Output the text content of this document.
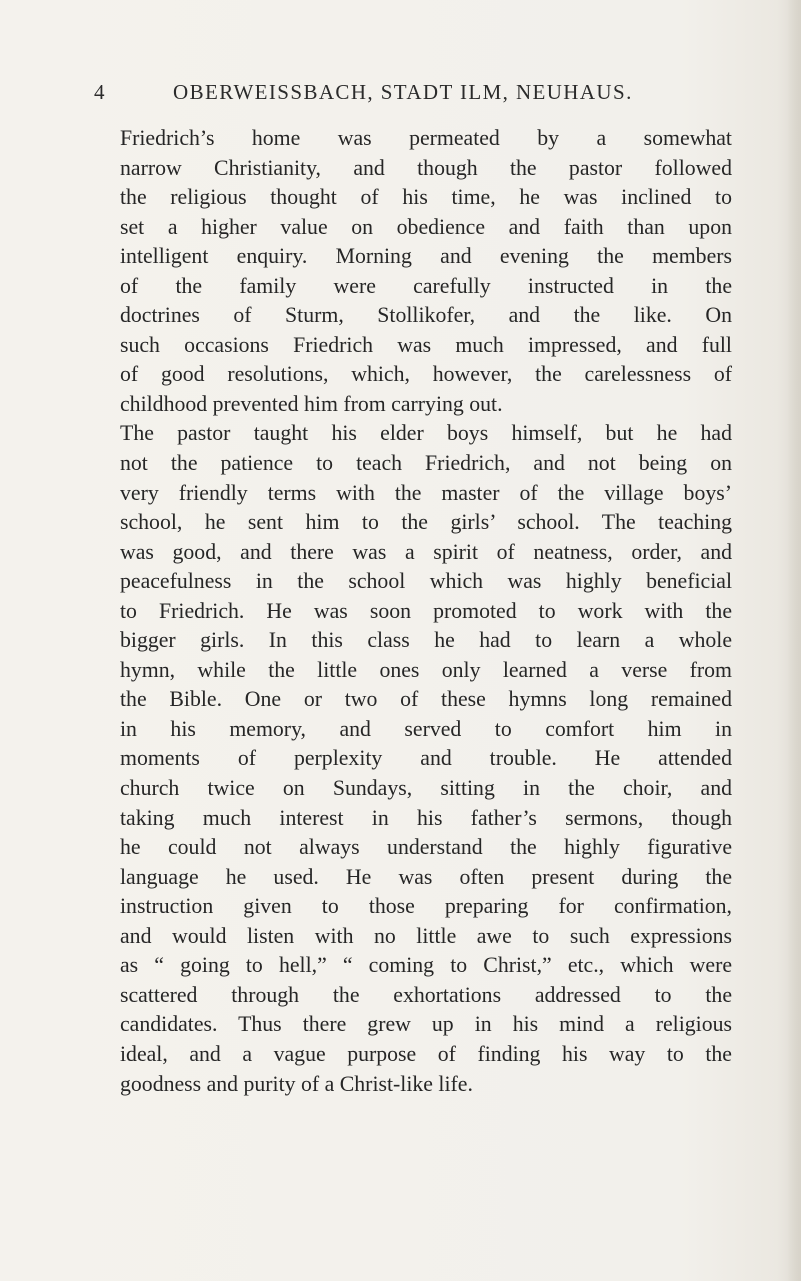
4	OBERWEISSBACH, STADT ILM, NEUHAUS.
Friedrich’s home was permeated by a somewhat
narrow Christianity, and though the pastor followed
the religious thought of his time, he was inclined to
set a higher value on obedience and faith than upon
intelligent enquiry. Morning and evening the members
of the family were carefully instructed in the
doctrines of Sturm, Stollikofer, and the like. On
such occasions Friedrich was much impressed, and full
of good resolutions, which, however, the carelessness of
childhood prevented him from carrying out.
The pastor taught his elder boys himself, but he had
not the patience to teach Friedrich, and not being on
very friendly terms with the master of the village boys’
school, he sent him to the girls’ school. The teaching
was good, and there was a spirit of neatness, order, and
peacefulness in the school which was highly beneficial
to Friedrich. He was soon promoted to work with the
bigger girls. In this class he had to learn a whole
hymn, while the little ones only learned a verse from
the Bible. One or two of these hymns long remained
in his memory, and served to comfort him in
moments of perplexity and trouble. He attended
church twice on Sundays, sitting in the choir, and
taking much interest in his father’s sermons, though
he could not always understand the highly figurative
language he used. He was often present during the
instruction given to those preparing for confirmation,
and would listen with no little awe to such expressions
as “ going to hell,” “ coming to Christ,” etc., which were
scattered through the exhortations addressed to the
candidates. Thus there grew up in his mind a religious
ideal, and a vague purpose of finding his way to the
goodness and purity of a Christ-like life.
